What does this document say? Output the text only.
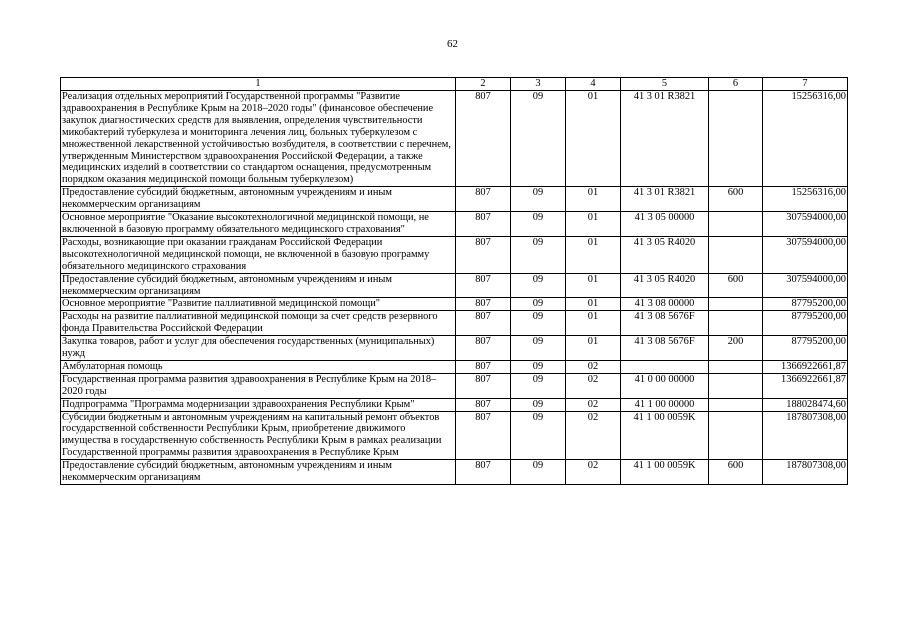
62
1	2	3	4	5	6	7
Реализация отдельных мероприятий Государственной программы "Развитие здравоохранения в Республике Крым на 2018–2020 годы" (финансовое обеспечение закупок диагностических средств для выявления, определения чувствительности микобактерий туберкулеза и мониторинга лечения лиц, больных туберкулезом с множественной лекарственной устойчивостью возбудителя, в соответствии с перечнем, утвержденным Министерством здравоохранения Российской Федерации, а также медицинских изделий в соответствии со стандартом оснащения, предусмотренным порядком оказания медицинской помощи больным туберкулезом)	807	09	01	41 3 01 R3821		15256316,00
Предоставление субсидий бюджетным, автономным учреждениям и иным некоммерческим организациям	807	09	01	41 3 01 R3821	600	15256316,00
Основное мероприятие "Оказание высокотехнологичной медицинской помощи, не включенной в базовую программу обязательного медицинского страхования"	807	09	01	41 3 05 00000		307594000,00
Расходы, возникающие при оказании гражданам Российской Федерации высокотехнологичной медицинской помощи, не включенной в базовую программу обязательного медицинского страхования	807	09	01	41 3 05 R4020		307594000,00
Предоставление субсидий бюджетным, автономным учреждениям и иным некоммерческим организациям	807	09	01	41 3 05 R4020	600	307594000,00
Основное мероприятие "Развитие паллиативной медицинской помощи"	807	09	01	41 3 08 00000		87795200,00
Расходы на развитие паллиативной медицинской помощи за счет средств резервного фонда Правительства Российской Федерации	807	09	01	41 3 08 5676F		87795200,00
Закупка товаров, работ и услуг для обеспечения государственных (муниципальных) нужд	807	09	01	41 3 08 5676F	200	87795200,00
Амбулаторная помощь	807	09	02			1366922661,87
Государственная программа развития здравоохранения в Республике Крым на 2018–2020 годы	807	09	02	41 0 00 00000		1366922661,87
Подпрограмма "Программа модернизации здравоохранения Республики Крым"	807	09	02	41 1 00 00000		188028474,60
Субсидии бюджетным и автономным учреждениям на капитальный ремонт объектов государственной собственности Республики Крым, приобретение движимого имущества в государственную собственность Республики Крым в рамках реализации Государственной программы развития здравоохранения в Республике Крым	807	09	02	41 1 00 0059K		187807308,00
Предоставление субсидий бюджетным, автономным учреждениям и иным некоммерческим организациям	807	09	02	41 1 00 0059K	600	187807308,00
